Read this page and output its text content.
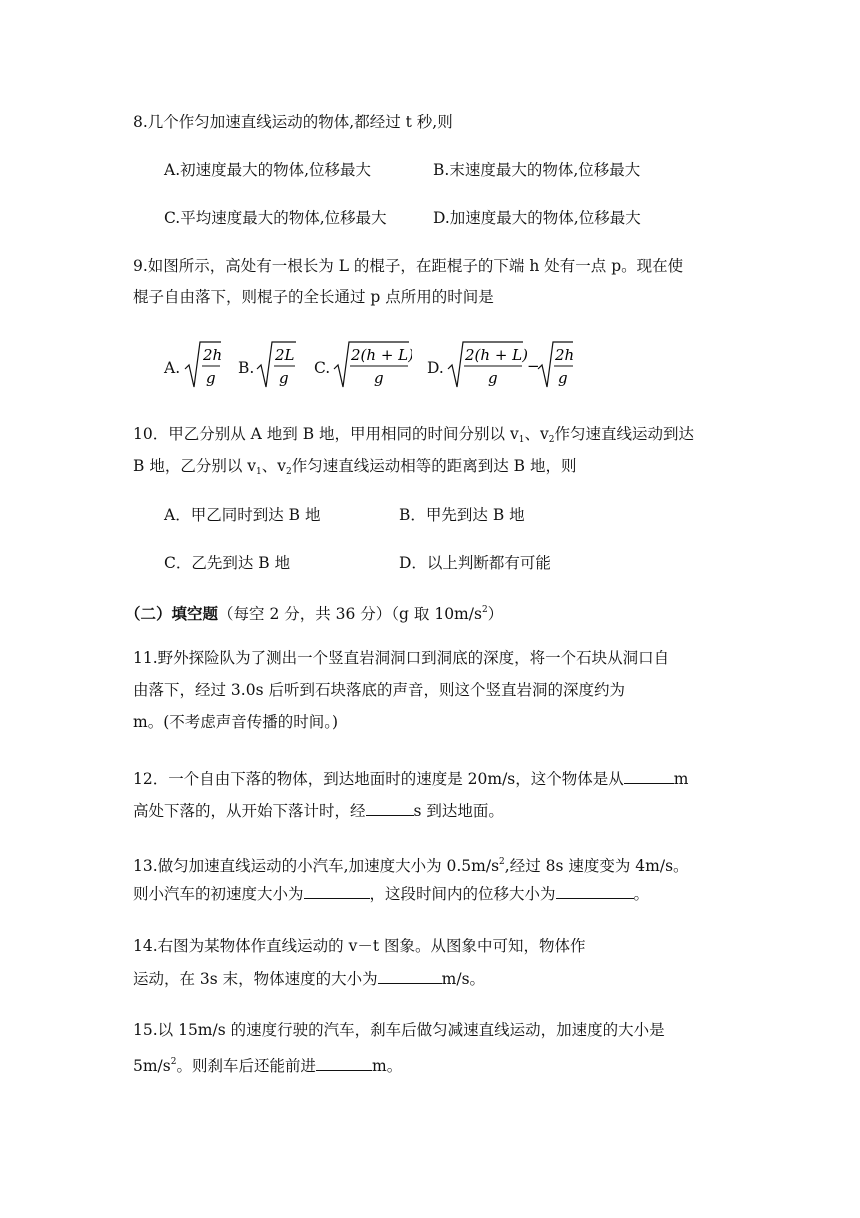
8.几个作匀加速直线运动的物体,都经过 t 秒,则
A.初速度最大的物体,位移最大	B.末速度最大的物体,位移最大
C.平均速度最大的物体,位移最大	D.加速度最大的物体,位移最大
9.如图所示，高处有一根长为 L 的棍子，在距棍子的下端 h 处有一点 p。现在使
棍子自由落下，则棍子的全长通过 p 点所用的时间是
A.
2h
g
B.
2L
g
C.
2(h + L)
g
D.
2(h + L)
g
−
2h
g
10．甲乙分别从 A 地到 B 地，甲用相同的时间分别以 $v_1$、$v_2$作匀速直线运动到达
B 地，乙分别以 $v_1$、$v_2$作匀速直线运动相等的距离到达 B 地，则
A．甲乙同时到达 B 地	B．甲先到达 B 地
C．乙先到达 B 地	D．以上判断都有可能
（二）填空题（每空 2 分，共 36 分）（g 取 $10m/s^2$）
11.野外探险队为了测出一个竖直岩洞洞口到洞底的深度，将一个石块从洞口自
由落下，经过 3.0s 后听到石块落底的声音，则这个竖直岩洞的深度约为
m。(不考虑声音传播的时间。)
12．一个自由下落的物体，到达地面时的速度是 20m/s，这个物体是从	m
高处下落的，从开始下落计时，经	s 到达地面。
13.做匀加速直线运动的小汽车,加速度大小为 $0.5m/s^2$,经过 8s 速度变为 4m/s。
则小汽车的初速度大小为	，这段时间内的位移大小为	。
14.右图为某物体作直线运动的 v－t 图象。从图象中可知，物体作
运动，在 3s 末，物体速度的大小为	m/s。
15.以 15m/s 的速度行驶的汽车，刹车后做匀减速直线运动，加速度的大小是
$5m/s^2$。则刹车后还能前进	m。
